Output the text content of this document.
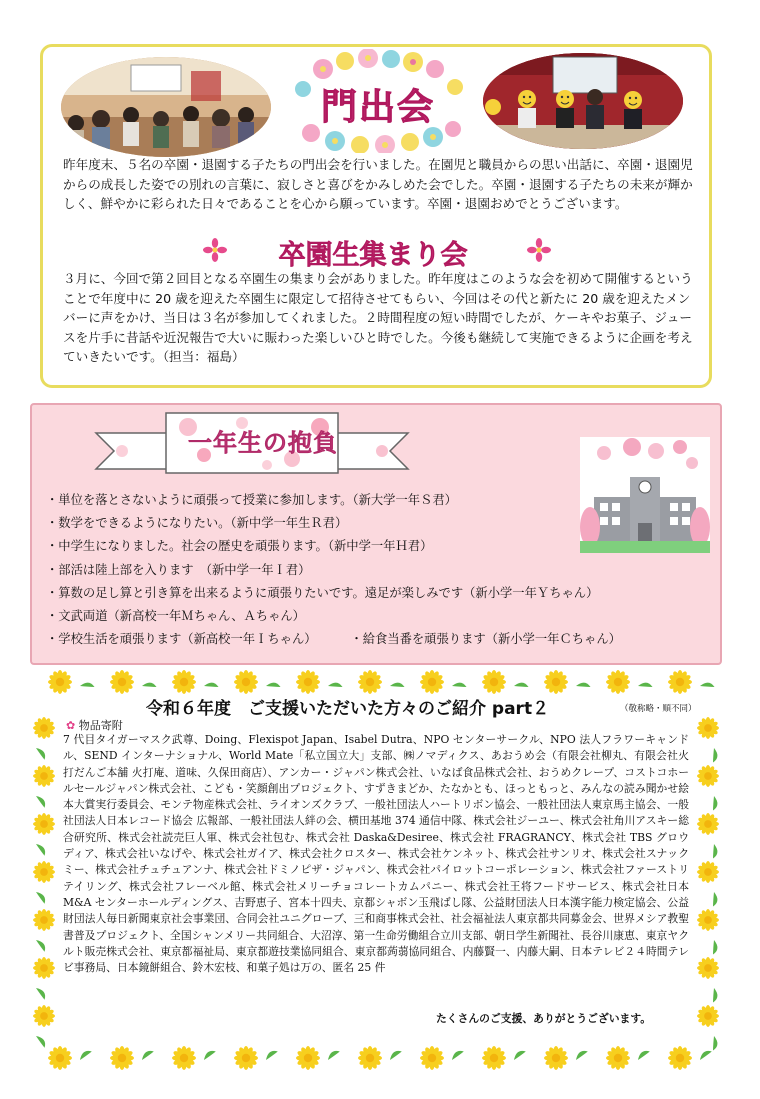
門出会
昨年度末、５名の卒園・退園する子たちの門出会を行いました。在園児と職員からの思い出話に、卒園・退園児からの成長した姿での別れの言葉に、寂しさと喜びをかみしめた会でした。卒園・退園する子たちの未来が輝かしく、鮮やかに彩られた日々であることを心から願っています。卒園・退園おめでとうございます。
卒園生集まり会
３月に、今回で第２回目となる卒園生の集まり会がありました。昨年度はこのような会を初めて開催するということで年度中に 20 歳を迎えた卒園生に限定して招待させてもらい、今回はその代と新たに 20 歳を迎えたメンバーに声をかけ、当日は３名が参加してくれました。２時間程度の短い時間でしたが、ケーキやお菓子、ジュースを片手に昔話や近況報告で大いに賑わった楽しいひと時でした。今後も継続して実施できるように企画を考えていきたいです。（担当：福島）
一年生の抱負
・単位を落とさないように頑張って授業に参加します。（新大学一年Ｓ君）
・数学をできるようになりたい。（新中学一年生Ｒ君）
・中学生になりました。社会の歴史を頑張ります。（新中学一年Ｈ君）
・部活は陸上部を入ります　（新中学一年Ｉ君）
・算数の足し算と引き算を出来るように頑張りたいです。遠足が楽しみです（新小学一年Ｙちゃん）
・文武両道（新高校一年Ｍちゃん、Ａちゃん）
・学校生活を頑張ります（新高校一年Ｉちゃん）	・給食当番を頑張ります（新小学一年Ｃちゃん）
令和６年度　ご支援いただいた方々のご紹介 part２	（敬称略・順不同）
✿ 物品寄附
7 代目タイガーマスク武尊、Doing、Flexispot Japan、Isabel Dutra、NPO センターサークル、NPO 法人フラワーキャンドル、SEND インターナショナル、World Mate「私立国立大」支部、㈱ノマディクス、あおうめ会（有限会社柳丸、有限会社火打だんご本舗 火打庵、道味、久保田商店）、アンカー・ジャパン株式会社、いなば食品株式会社、おうめクレープ、コストコホールセールジャパン株式会社、こども・笑顔創出プロジェクト、すずきまどか、たなかとも、ほっともっと、みんなの読み聞かせ絵本大賞実行委員会、モンテ物産株式会社、ライオンズクラブ、一般社団法人ハートリボン協会、一般社団法人東京馬主協会、一般社団法人日本レコード協会 広報部、一般社団法人絆の会、横田基地 374 通信中隊、株式会社ジーユー、株式会社角川アスキー総合研究所、株式会社読売巨人軍、株式会社包む、株式会社 Daska&Desiree、株式会社 FRAGRANCY、株式会社 TBS グロウディア、株式会社いなげや、株式会社ガイア、株式会社クロスター、株式会社ケンネット、株式会社サンリオ、株式会社スナックミー、株式会社チュチュアンナ、株式会社ドミノピザ・ジャパン、株式会社パイロットコーポレーション、株式会社ファーストリテイリング、株式会社フレーベル館、株式会社メリーチョコレートカムパニー、株式会社王将フードサービス、株式会社日本 M&A センターホールディングス、吉野恵子、宮本十四夫、京都シャボン玉飛ばし隊、公益財団法人日本漢字能力検定協会、公益財団法人毎日新聞東京社会事業団、合同会社ユニグローブ、三和商事株式会社、社会福祉法人東京都共同募金会、世界メシア教聖書普及プロジェクト、全国シャンメリー共同組合、大沼淳、第一生命労働組合立川支部、朝日学生新聞社、長谷川康恵、東京ヤクルト販売株式会社、東京都福祉局、東京都遊技業協同組合、東京都蒟蒻協同組合、内藤賢一、内藤大嗣、日本テレビ２４時間テレビ事務局、日本鏡餅組合、鈴木宏枝、和菓子処は万の、匿名 25 件
たくさんのご支援、ありがとうございます。
